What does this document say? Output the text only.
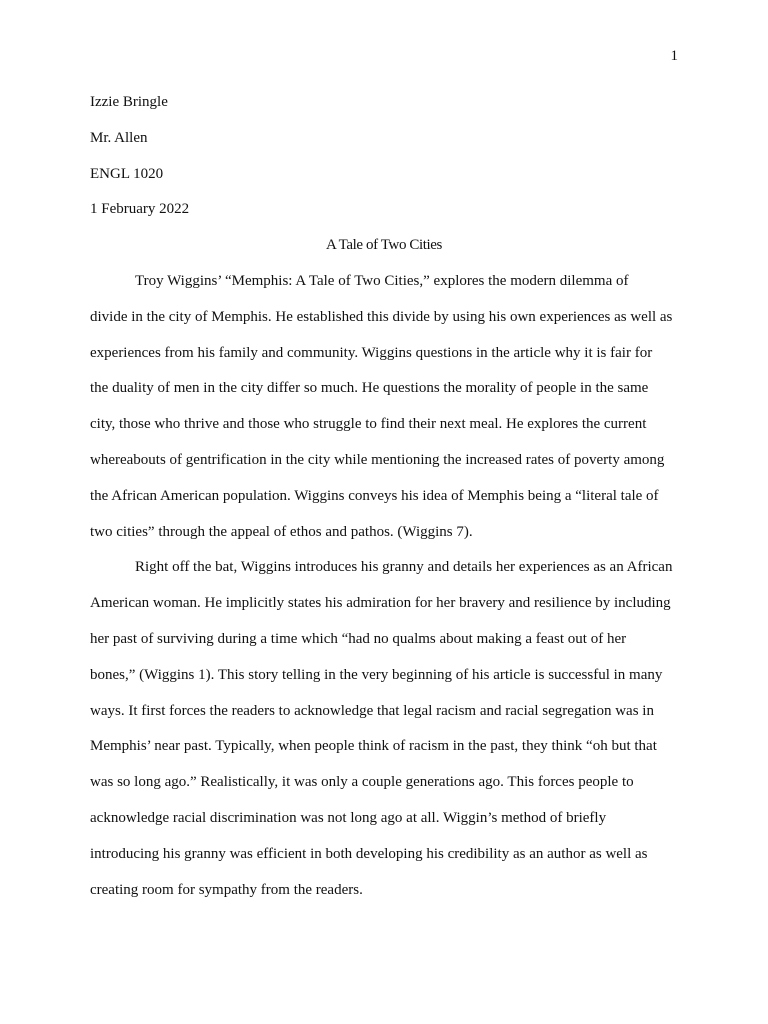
1
Izzie Bringle
Mr. Allen
ENGL 1020
1 February 2022
A Tale of Two Cities
Troy Wiggins’ “Memphis: A Tale of Two Cities,” explores the modern dilemma of
divide in the city of Memphis. He established this divide by using his own experiences as well as
experiences from his family and community. Wiggins questions in the article why it is fair for
the duality of men in the city differ so much. He questions the morality of people in the same
city, those who thrive and those who struggle to find their next meal. He explores the current
whereabouts of gentrification in the city while mentioning the increased rates of poverty among
the African American population. Wiggins conveys his idea of Memphis being a “literal tale of
two cities” through the appeal of ethos and pathos. (Wiggins 7).
Right off the bat, Wiggins introduces his granny and details her experiences as an African
American woman. He implicitly states his admiration for her bravery and resilience by including
her past of surviving during a time which “had no qualms about making a feast out of her
bones,” (Wiggins 1). This story telling in the very beginning of his article is successful in many
ways. It first forces the readers to acknowledge that legal racism and racial segregation was in
Memphis’ near past. Typically, when people think of racism in the past, they think “oh but that
was so long ago.” Realistically, it was only a couple generations ago. This forces people to
acknowledge racial discrimination was not long ago at all. Wiggin’s method of briefly
introducing his granny was efficient in both developing his credibility as an author as well as
creating room for sympathy from the readers.
